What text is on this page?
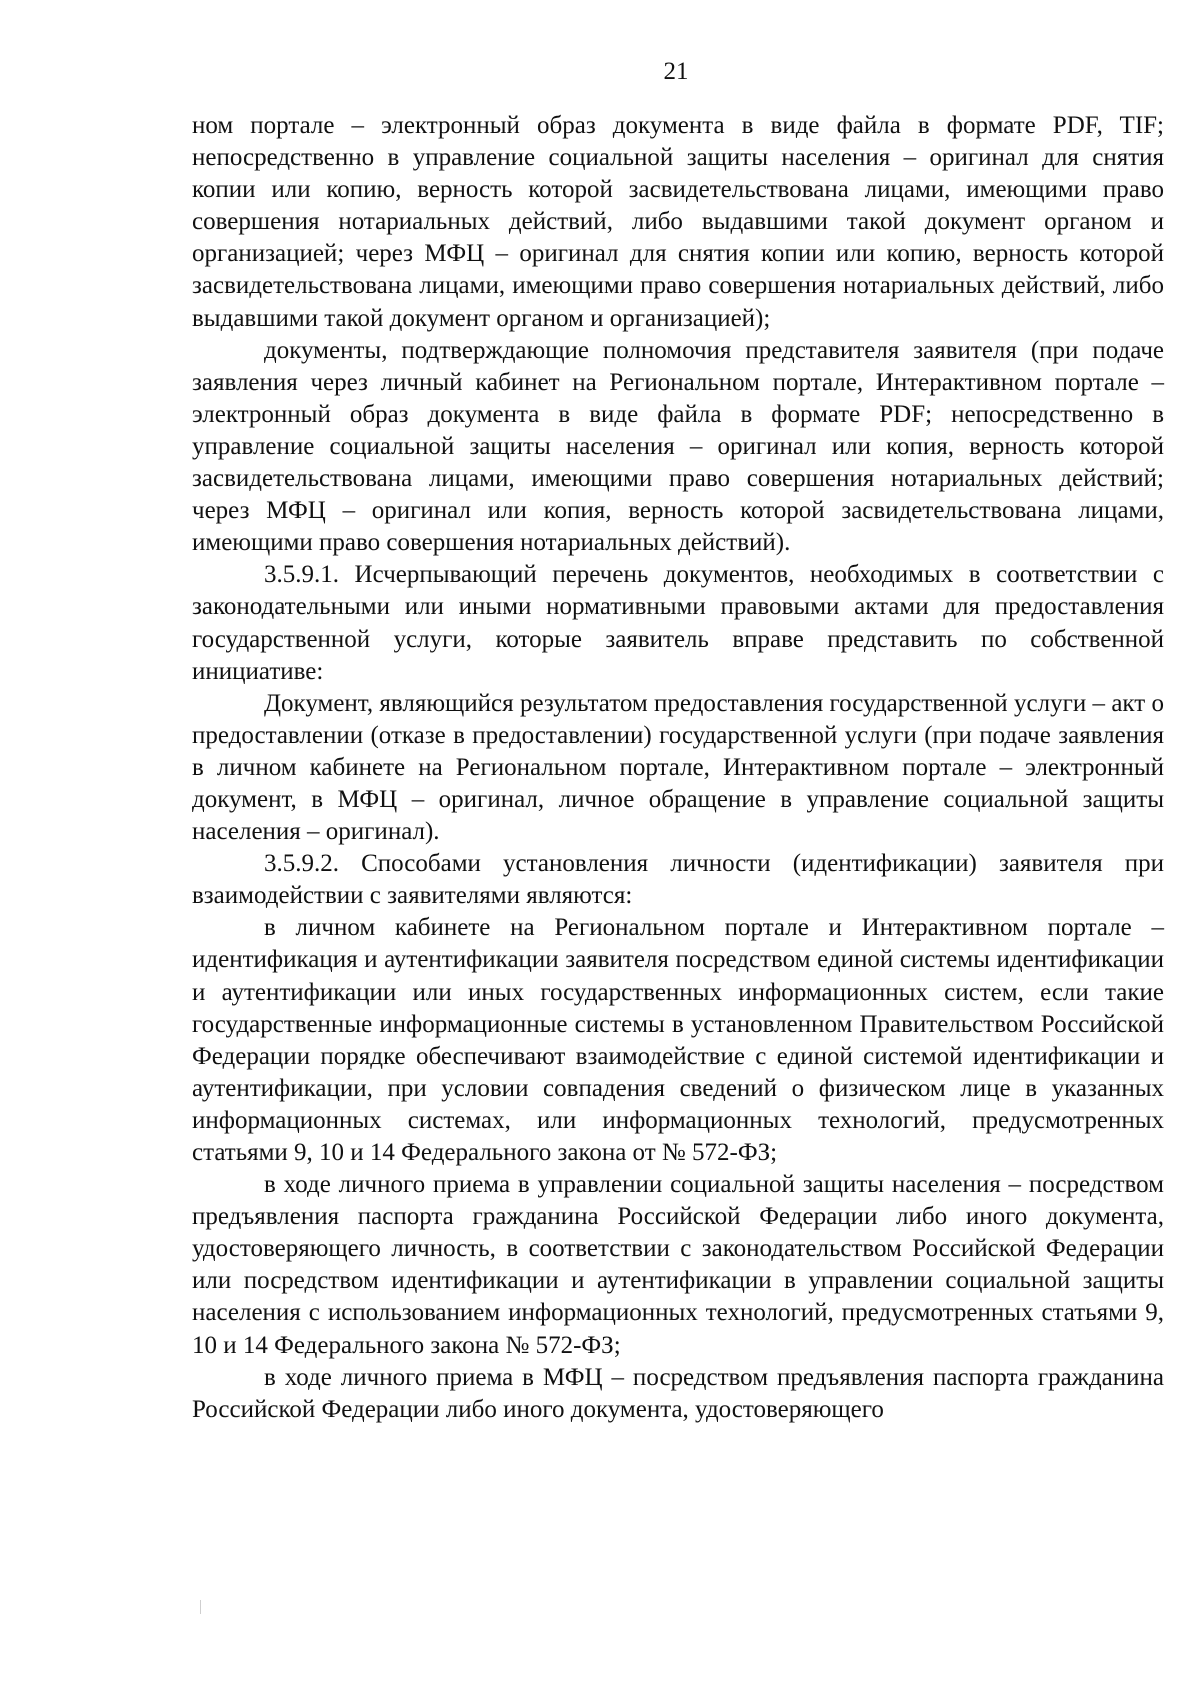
21

ном портале – электронный образ документа в виде файла в формате PDF, TIF; непосредственно в управление социальной защиты населения – оригинал для снятия копии или копию, верность которой засвидетельствована лицами, имеющими право совершения нотариальных действий, либо выдавшими такой документ органом и организацией; через МФЦ – оригинал для снятия копии или копию, верность которой засвидетельствована лицами, имеющими право совершения нотариальных действий, либо выдавшими такой документ органом и организацией);

документы, подтверждающие полномочия представителя заявителя (при подаче заявления через личный кабинет на Региональном портале, Интерактивном портале – электронный образ документа в виде файла в формате PDF; непосредственно в управление социальной защиты населения – оригинал или копия, верность которой засвидетельствована лицами, имеющими право совершения нотариальных действий; через МФЦ – оригинал или копия, верность которой засвидетельствована лицами, имеющими право совершения нотариальных действий).

3.5.9.1. Исчерпывающий перечень документов, необходимых в соответствии с законодательными или иными нормативными правовыми актами для предоставления государственной услуги, которые заявитель вправе представить по собственной инициативе:

Документ, являющийся результатом предоставления государственной услуги – акт о предоставлении (отказе в предоставлении) государственной услуги (при подаче заявления в личном кабинете на Региональном портале, Интерактивном портале – электронный документ, в МФЦ – оригинал, личное обращение в управление социальной защиты населения – оригинал).

3.5.9.2. Способами установления личности (идентификации) заявителя при взаимодействии с заявителями являются:

в личном кабинете на Региональном портале и Интерактивном портале – идентификация и аутентификации заявителя посредством единой системы идентификации и аутентификации или иных государственных информационных систем, если такие государственные информационные системы в установленном Правительством Российской Федерации порядке обеспечивают взаимодействие с единой системой идентификации и аутентификации, при условии совпадения сведений о физическом лице в указанных информационных системах, или информационных технологий, предусмотренных статьями 9, 10 и 14 Федерального закона от № 572-ФЗ;

в ходе личного приема в управлении социальной защиты населения – посредством предъявления паспорта гражданина Российской Федерации либо иного документа, удостоверяющего личность, в соответствии с законодательством Российской Федерации или посредством идентификации и аутентификации в управлении социальной защиты населения с использованием информационных технологий, предусмотренных статьями 9, 10 и 14 Федерального закона № 572-ФЗ;

в ходе личного приема в МФЦ – посредством предъявления паспорта гражданина Российской Федерации либо иного документа, удостоверяющего
